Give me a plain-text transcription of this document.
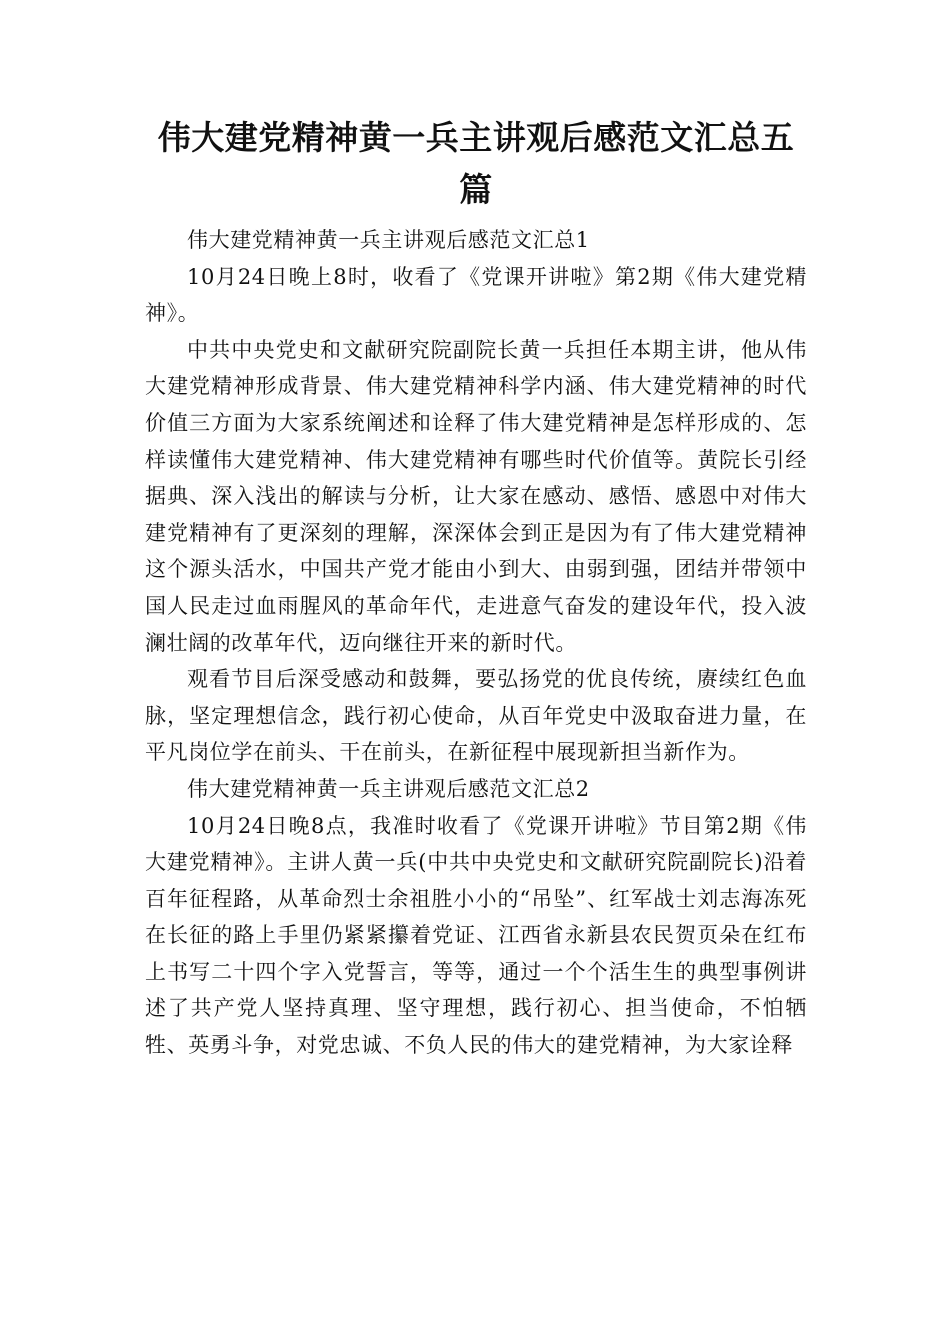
伟大建党精神黄一兵主讲观后感范文汇总五篇

伟大建党精神黄一兵主讲观后感范文汇总1

10月24日晚上8时，收看了《党课开讲啦》第2期《伟大建党精神》。

中共中央党史和文献研究院副院长黄一兵担任本期主讲，他从伟大建党精神形成背景、伟大建党精神科学内涵、伟大建党精神的时代价值三方面为大家系统阐述和诠释了伟大建党精神是怎样形成的、怎样读懂伟大建党精神、伟大建党精神有哪些时代价值等。黄院长引经据典、深入浅出的解读与分析，让大家在感动、感悟、感恩中对伟大建党精神有了更深刻的理解，深深体会到正是因为有了伟大建党精神这个源头活水，中国共产党才能由小到大、由弱到强，团结并带领中国人民走过血雨腥风的革命年代，走进意气奋发的建设年代，投入波澜壮阔的改革年代，迈向继往开来的新时代。

观看节目后深受感动和鼓舞，要弘扬党的优良传统，赓续红色血脉，坚定理想信念，践行初心使命，从百年党史中汲取奋进力量，在平凡岗位学在前头、干在前头，在新征程中展现新担当新作为。

伟大建党精神黄一兵主讲观后感范文汇总2

10月24日晚8点，我准时收看了《党课开讲啦》节目第2期《伟大建党精神》。主讲人黄一兵(中共中央党史和文献研究院副院长)沿着百年征程路，从革命烈士余祖胜小小的“吊坠”、红军战士刘志海冻死在长征的路上手里仍紧紧攥着党证、江西省永新县农民贺页朵在红布上书写二十四个字入党誓言，等等，通过一个个活生生的典型事例讲述了共产党人坚持真理、坚守理想，践行初心、担当使命，不怕牺牲、英勇斗争，对党忠诚、不负人民的伟大的建党精神，为大家诠释
